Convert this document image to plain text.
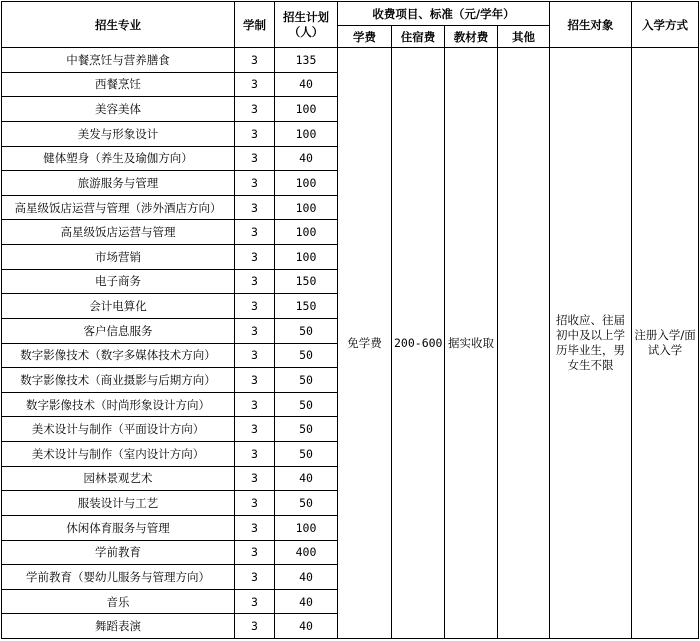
招生专业	学制	招生计划
（人）	收费项目、标准（元/学年）				招生对象	入学方式
			学费	住宿费	教材费	其他		
中餐烹饪与营养膳食	3	135	免学费	200-600	据实收取		招收应、往届初中及以上学历毕业生，男女生不限	注册入学/面试入学
西餐烹饪	3	40						
美容美体	3	100						
美发与形象设计	3	100						
健体塑身（养生及瑜伽方向）	3	40						
旅游服务与管理	3	100						
高星级饭店运营与管理（涉外酒店方向）	3	100						
高星级饭店运营与管理	3	100						
市场营销	3	100						
电子商务	3	150						
会计电算化	3	150						
客户信息服务	3	50						
数字影像技术（数字多媒体技术方向）	3	50						
数字影像技术（商业摄影与后期方向）	3	50						
数字影像技术（时尚形象设计方向）	3	50						
美术设计与制作（平面设计方向）	3	50						
美术设计与制作（室内设计方向）	3	50						
园林景观艺术	3	40						
服装设计与工艺	3	50						
休闲体育服务与管理	3	100						
学前教育	3	400						
学前教育（婴幼儿服务与管理方向）	3	40						
音乐	3	40						
舞蹈表演	3	40						
